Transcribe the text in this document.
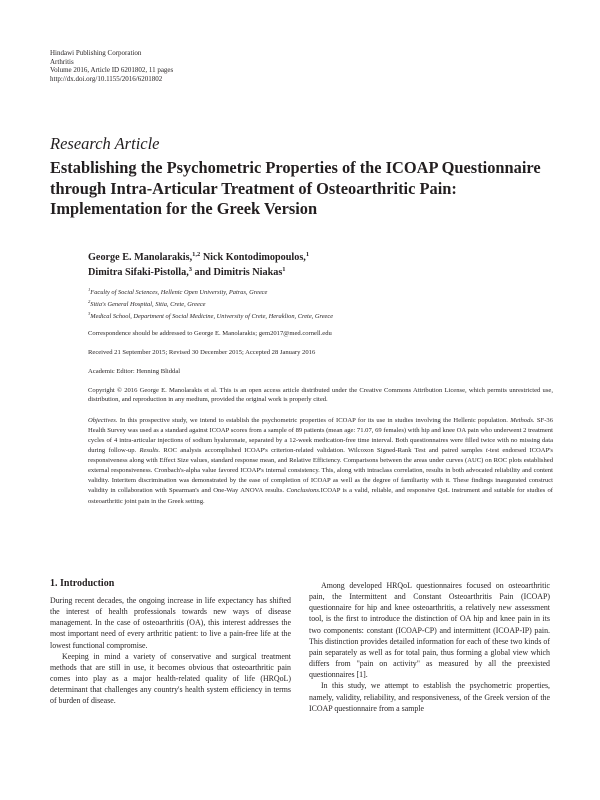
Hindawi Publishing Corporation
Arthritis
Volume 2016, Article ID 6201802, 11 pages
http://dx.doi.org/10.1155/2016/6201802
Research Article
Establishing the Psychometric Properties of the ICOAP Questionnaire through Intra-Articular Treatment of Osteoarthritic Pain: Implementation for the Greek Version

George E. Manolarakis,$^{1,2}$ Nick Kontodimopoulos,$^1$
Dimitra Sifaki-Pistolla,$^3$ and Dimitris Niakas$^1$

$^1$Faculty of Social Sciences, Hellenic Open University, Patras, Greece
$^2$Sitia's General Hospital, Sitia, Crete, Greece
$^3$Medical School, Department of Social Medicine, University of Crete, Heraklion, Crete, Greece

Correspondence should be addressed to George E. Manolarakis; gem2017@med.cornell.edu

Received 21 September 2015; Revised 30 December 2015; Accepted 28 January 2016

Academic Editor: Henning Bliddal

Copyright © 2016 George E. Manolarakis et al. This is an open access article distributed under the Creative Commons Attribution License, which permits unrestricted use, distribution, and reproduction in any medium, provided the original work is properly cited.

Objectives. In this prospective study, we intend to establish the psychometric properties of ICOAP for its use in studies involving the Hellenic population. Methods. SF-36 Health Survey was used as a standard against ICOAP scores from a sample of 89 patients (mean age: 71.07, 69 females) with hip and knee OA pain who underwent 2 treatment cycles of 4 intra-articular injections of sodium hyaluronate, separated by a 12-week medication-free time interval. Both questionnaires were filled twice with no missing data during follow-up. Results. ROC analysis accomplished ICOAP's criterion-related validation. Wilcoxon Signed-Rank Test and paired samples t-test endorsed ICOAP's responsiveness along with Effect Size values, standard response mean, and Relative Efficiency. Comparisons between the areas under curves (AUC) on ROC plots established external responsiveness. Cronbach's-alpha value favored ICOAP's internal consistency. This, along with intraclass correlation, results in both advocated reliability and content validity. Interitem discrimination was demonstrated by the ease of completion of ICOAP as well as the degree of familiarity with it. These findings inaugurated construct validity in collaboration with Spearman's and One-Way ANOVA results. Conclusions.ICOAP is a valid, reliable, and responsive QoL instrument and suitable for studies of osteoarthritic joint pain in the Greek setting.

1. Introduction

During recent decades, the ongoing increase in life expectancy has shifted the interest of health professionals towards new ways of disease management. In the case of osteoarthritis (OA), this interest addresses the most important need of every arthritic patient: to live a pain-free life at the lowest functional compromise.

Keeping in mind a variety of conservative and surgical treatment methods that are still in use, it becomes obvious that osteoarthritic pain comes into play as a major health-related quality of life (HRQoL) determinant that challenges any country's health system efficiency in terms of burden of disease.

Among developed HRQoL questionnaires focused on osteoarthritic pain, the Intermittent and Constant Osteoarthritis Pain (ICOAP) questionnaire for hip and knee osteoarthritis, a relatively new assessment tool, is the first to introduce the distinction of OA hip and knee pain in its two components: constant (ICOAP-CP) and intermittent (ICOAP-IP) pain. This distinction provides detailed information for each of these two kinds of pain separately as well as for total pain, thus forming a global view which differs from "pain on activity" as measured by all the preexisted questionnaires [1].

In this study, we attempt to establish the psychometric properties, namely, validity, reliability, and responsiveness, of the Greek version of the ICOAP questionnaire from a sample
